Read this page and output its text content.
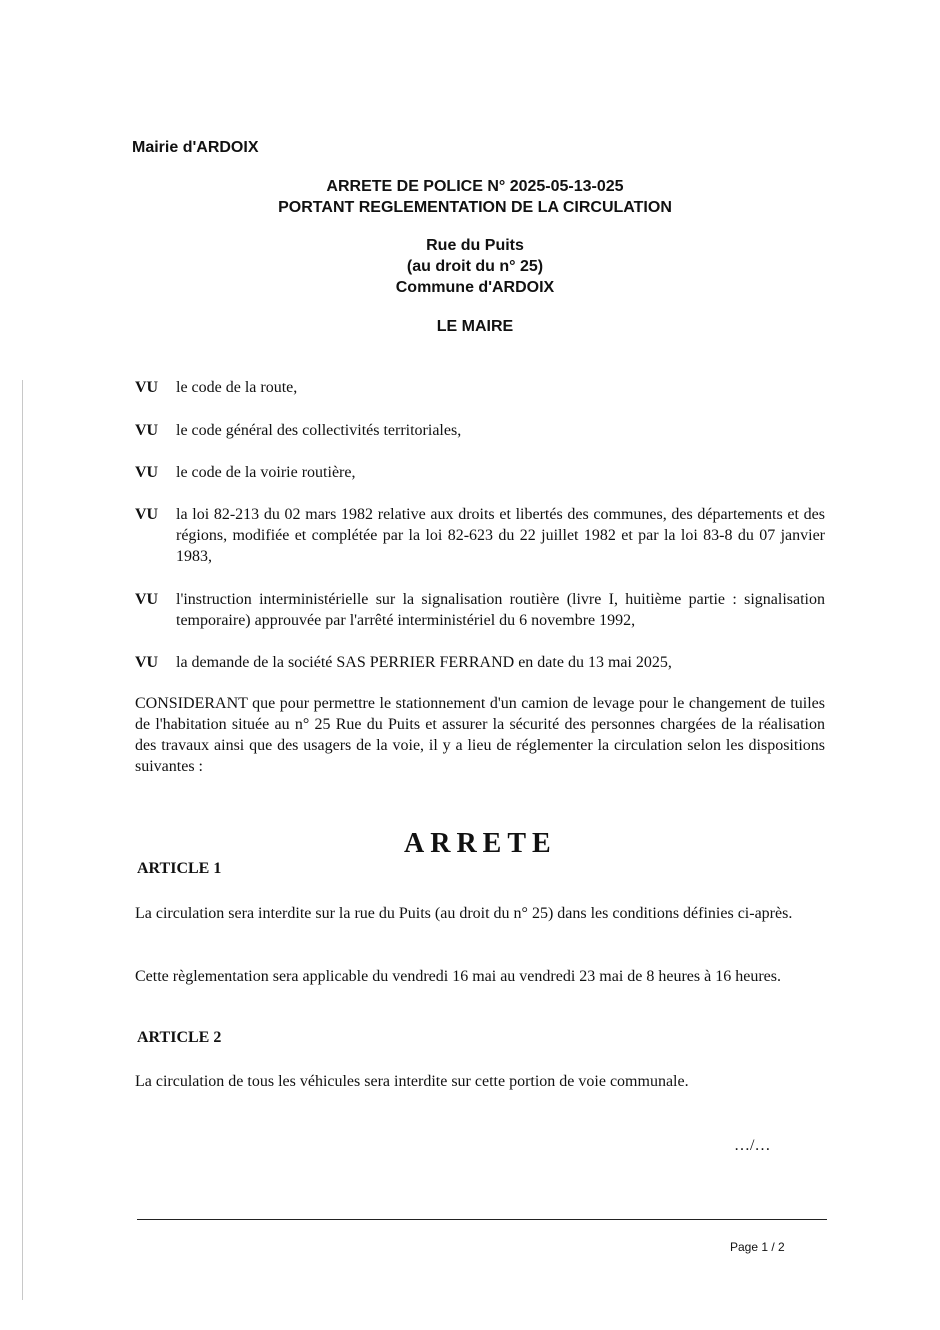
Mairie d'ARDOIX
ARRETE DE POLICE N° 2025-05-13-025
PORTANT REGLEMENTATION DE LA CIRCULATION
Rue du Puits
(au droit du n° 25)
Commune d'ARDOIX
LE MAIRE
VU le code de la route,
VU le code général des collectivités territoriales,
VU le code de la voirie routière,
VU la loi 82-213 du 02 mars 1982 relative aux droits et libertés des communes, des départements et des régions, modifiée et complétée par la loi 82-623 du 22 juillet 1982 et par la loi 83-8 du 07 janvier 1983,
VU l'instruction interministérielle sur la signalisation routière (livre I, huitième partie : signalisation temporaire) approuvée par l'arrêté interministériel du 6 novembre 1992,
VU la demande de la société SAS PERRIER FERRAND en date du 13 mai 2025,
CONSIDERANT que pour permettre le stationnement d'un camion de levage pour le changement de tuiles de l'habitation située au n° 25 Rue du Puits et assurer la sécurité des personnes chargées de la réalisation des travaux ainsi que des usagers de la voie, il y a lieu de réglementer la circulation selon les dispositions suivantes :
ARRETE
ARTICLE 1
La circulation sera interdite sur la rue du Puits (au droit du n° 25) dans les conditions définies ci-après.
Cette règlementation sera applicable du vendredi 16 mai au vendredi 23 mai de 8 heures à 16 heures.
ARTICLE 2
La circulation de tous les véhicules sera interdite sur cette portion de voie communale.
…/…
Page 1 / 2
